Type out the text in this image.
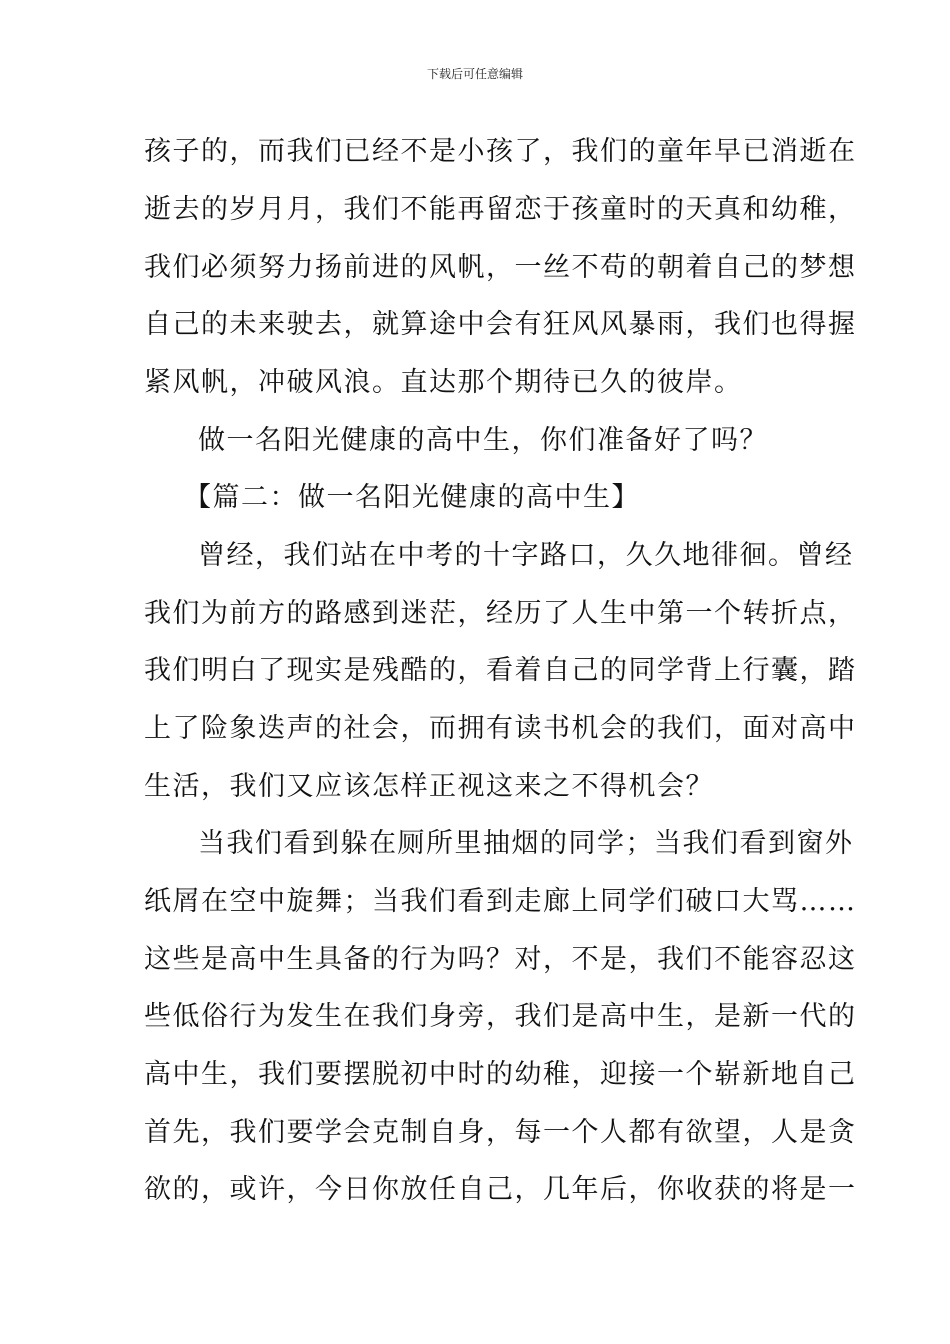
下载后可任意编辑
孩子的，而我们已经不是小孩了，我们的童年早已消逝在
逝去的岁月月，我们不能再留恋于孩童时的天真和幼稚，
我们必须努力扬前进的风帆，一丝不苟的朝着自己的梦想
自己的未来驶去，就算途中会有狂风风暴雨，我们也得握
紧风帆，冲破风浪。直达那个期待已久的彼岸。
做一名阳光健康的高中生，你们准备好了吗？
【篇二：做一名阳光健康的高中生】
曾经，我们站在中考的十字路口，久久地徘徊。曾经
我们为前方的路感到迷茫，经历了人生中第一个转折点，
我们明白了现实是残酷的，看着自己的同学背上行囊，踏
上了险象迭声的社会，而拥有读书机会的我们，面对高中
生活，我们又应该怎样正视这来之不得机会？
当我们看到躲在厕所里抽烟的同学；当我们看到窗外
纸屑在空中旋舞；当我们看到走廊上同学们破口大骂……
这些是高中生具备的行为吗？对，不是，我们不能容忍这
些低俗行为发生在我们身旁，我们是高中生，是新一代的
高中生，我们要摆脱初中时的幼稚，迎接一个崭新地自己
首先，我们要学会克制自身，每一个人都有欲望，人是贪
欲的，或许，今日你放任自己，几年后，你收获的将是一
